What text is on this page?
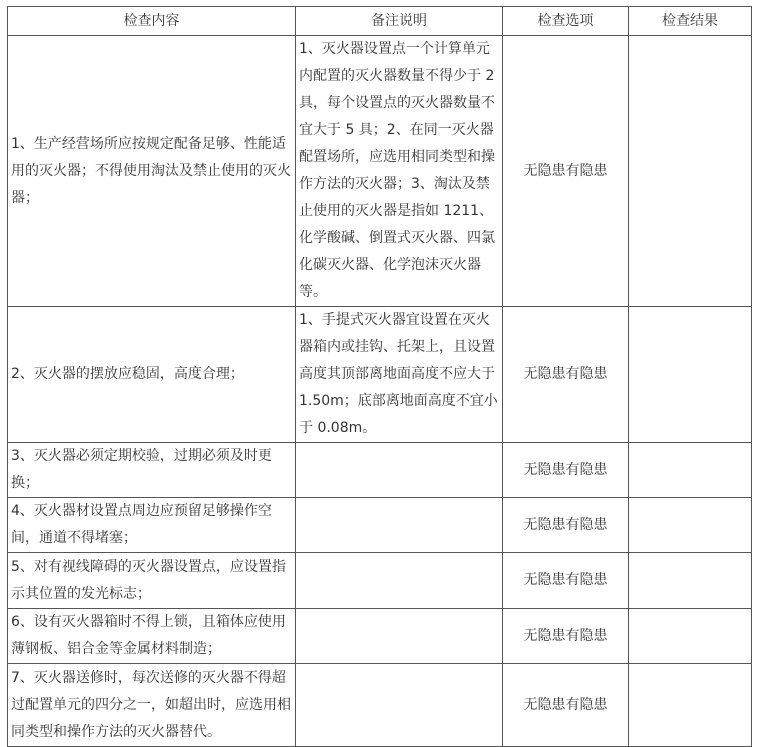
检查内容	备注说明	检查选项	检查结果
1、生产经营场所应按规定配备足够、性能适用的灭火器；不得使用淘汰及禁止使用的灭火器；	1、灭火器设置点一个计算单元内配置的灭火器数量不得少于 2 具，每个设置点的灭火器数量不宜大于 5 具；2、在同一灭火器配置场所，应选用相同类型和操作方法的灭火器；3、淘汰及禁止使用的灭火器是指如 1211、化学酸碱、倒置式灭火器、四氯化碳灭火器、化学泡沫灭火器等。	无隐患有隐患	
2、灭火器的摆放应稳固，高度合理；	1、手提式灭火器宜设置在灭火器箱内或挂钩、托架上，且设置高度其顶部离地面高度不应大于 1.50m；底部离地面高度不宜小于 0.08m。	无隐患有隐患	
3、灭火器必须定期校验，过期必须及时更换；		无隐患有隐患	
4、灭火器材设置点周边应预留足够操作空间，通道不得堵塞；		无隐患有隐患	
5、对有视线障碍的灭火器设置点，应设置指示其位置的发光标志；		无隐患有隐患	
6、设有灭火器箱时不得上锁，且箱体应使用薄钢板、铝合金等金属材料制造；		无隐患有隐患	
7、灭火器送修时，每次送修的灭火器不得超过配置单元的四分之一，如超出时，应选用相同类型和操作方法的灭火器替代。		无隐患有隐患	
